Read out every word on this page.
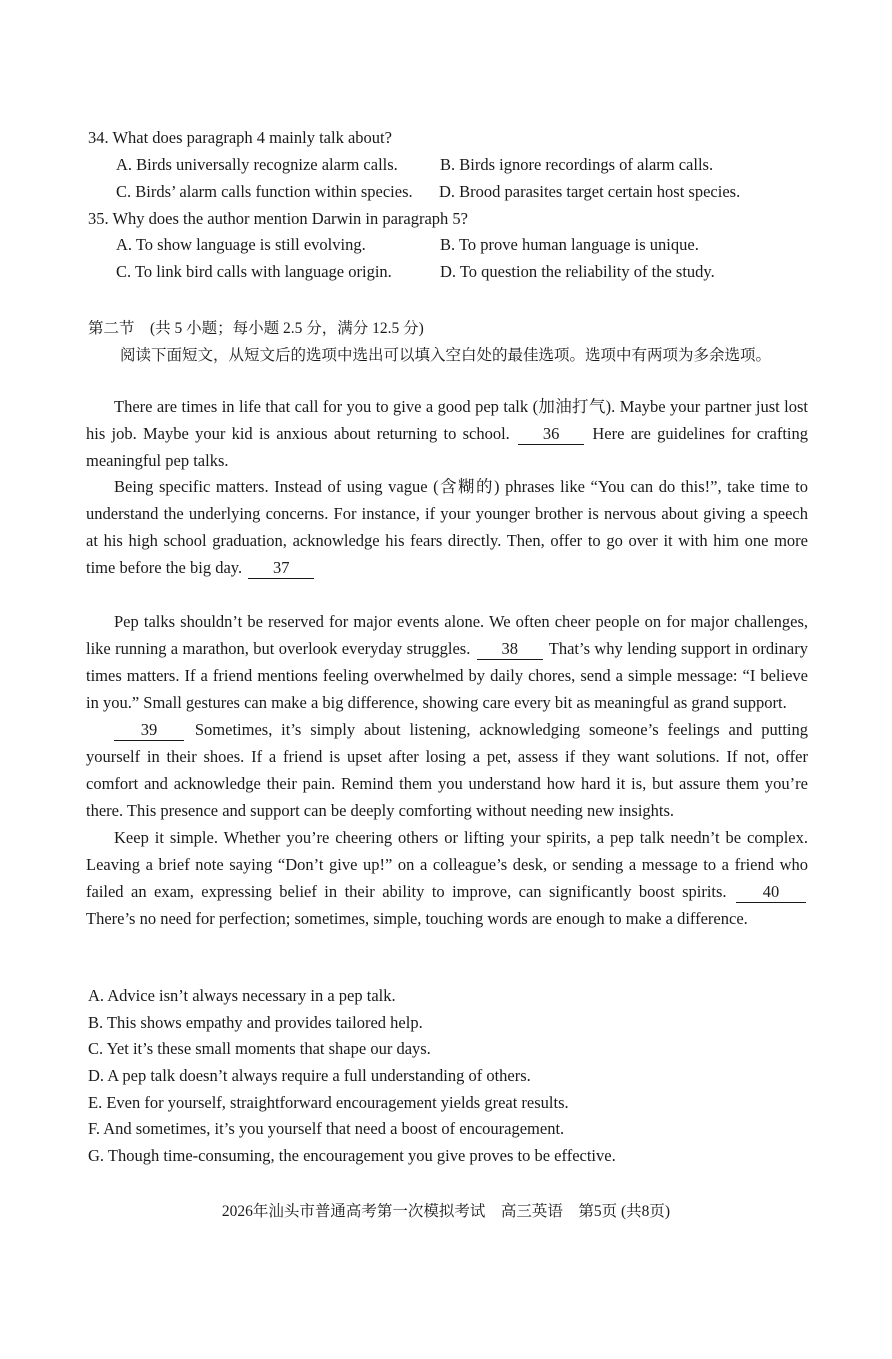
34. What does paragraph 4 mainly talk about?
A. Birds universally recognize alarm calls.	B. Birds ignore recordings of alarm calls.
C. Birds’ alarm calls function within species. D. Brood parasites target certain host species.
35. Why does the author mention Darwin in paragraph 5?
A. To show language is still evolving.	B. To prove human language is unique.
C. To link bird calls with language origin.	D. To question the reliability of the study.
第二节　(共 5 小题；每小题 2.5 分，满分 12.5 分)
阅读下面短文，从短文后的选项中选出可以填入空白处的最佳选项。选项中有两项为多余选项。
There are times in life that call for you to give a good pep talk (加油打气). Maybe your partner just lost his job. Maybe your kid is anxious about returning to school. 36 Here are guidelines for crafting meaningful pep talks.
Being specific matters. Instead of using vague (含糊的) phrases like “You can do this!”, take time to understand the underlying concerns. For instance, if your younger brother is nervous about giving a speech at his high school graduation, acknowledge his fears directly. Then, offer to go over it with him one more time before the big day. 37
Pep talks shouldn’t be reserved for major events alone. We often cheer people on for major challenges, like running a marathon, but overlook everyday struggles. 38 That’s why lending support in ordinary times matters. If a friend mentions feeling overwhelmed by daily chores, send a simple message: “I believe in you.” Small gestures can make a big difference, showing care every bit as meaningful as grand support.
39 Sometimes, it’s simply about listening, acknowledging someone’s feelings and putting yourself in their shoes. If a friend is upset after losing a pet, assess if they want solutions. If not, offer comfort and acknowledge their pain. Remind them you understand how hard it is, but assure them you’re there. This presence and support can be deeply comforting without needing new insights.
Keep it simple. Whether you’re cheering others or lifting your spirits, a pep talk needn’t be complex. Leaving a brief note saying “Don’t give up!” on a colleague’s desk, or sending a message to a friend who failed an exam, expressing belief in their ability to improve, can significantly boost spirits. 40 There’s no need for perfection; sometimes, simple, touching words are enough to make a difference.
A. Advice isn’t always necessary in a pep talk.
B. This shows empathy and provides tailored help.
C. Yet it’s these small moments that shape our days.
D. A pep talk doesn’t always require a full understanding of others.
E. Even for yourself, straightforward encouragement yields great results.
F. And sometimes, it’s you yourself that need a boost of encouragement.
G. Though time-consuming, the encouragement you give proves to be effective.
2026年汕头市普通高考第一次模拟考试　高三英语　第5页 (共8页)
